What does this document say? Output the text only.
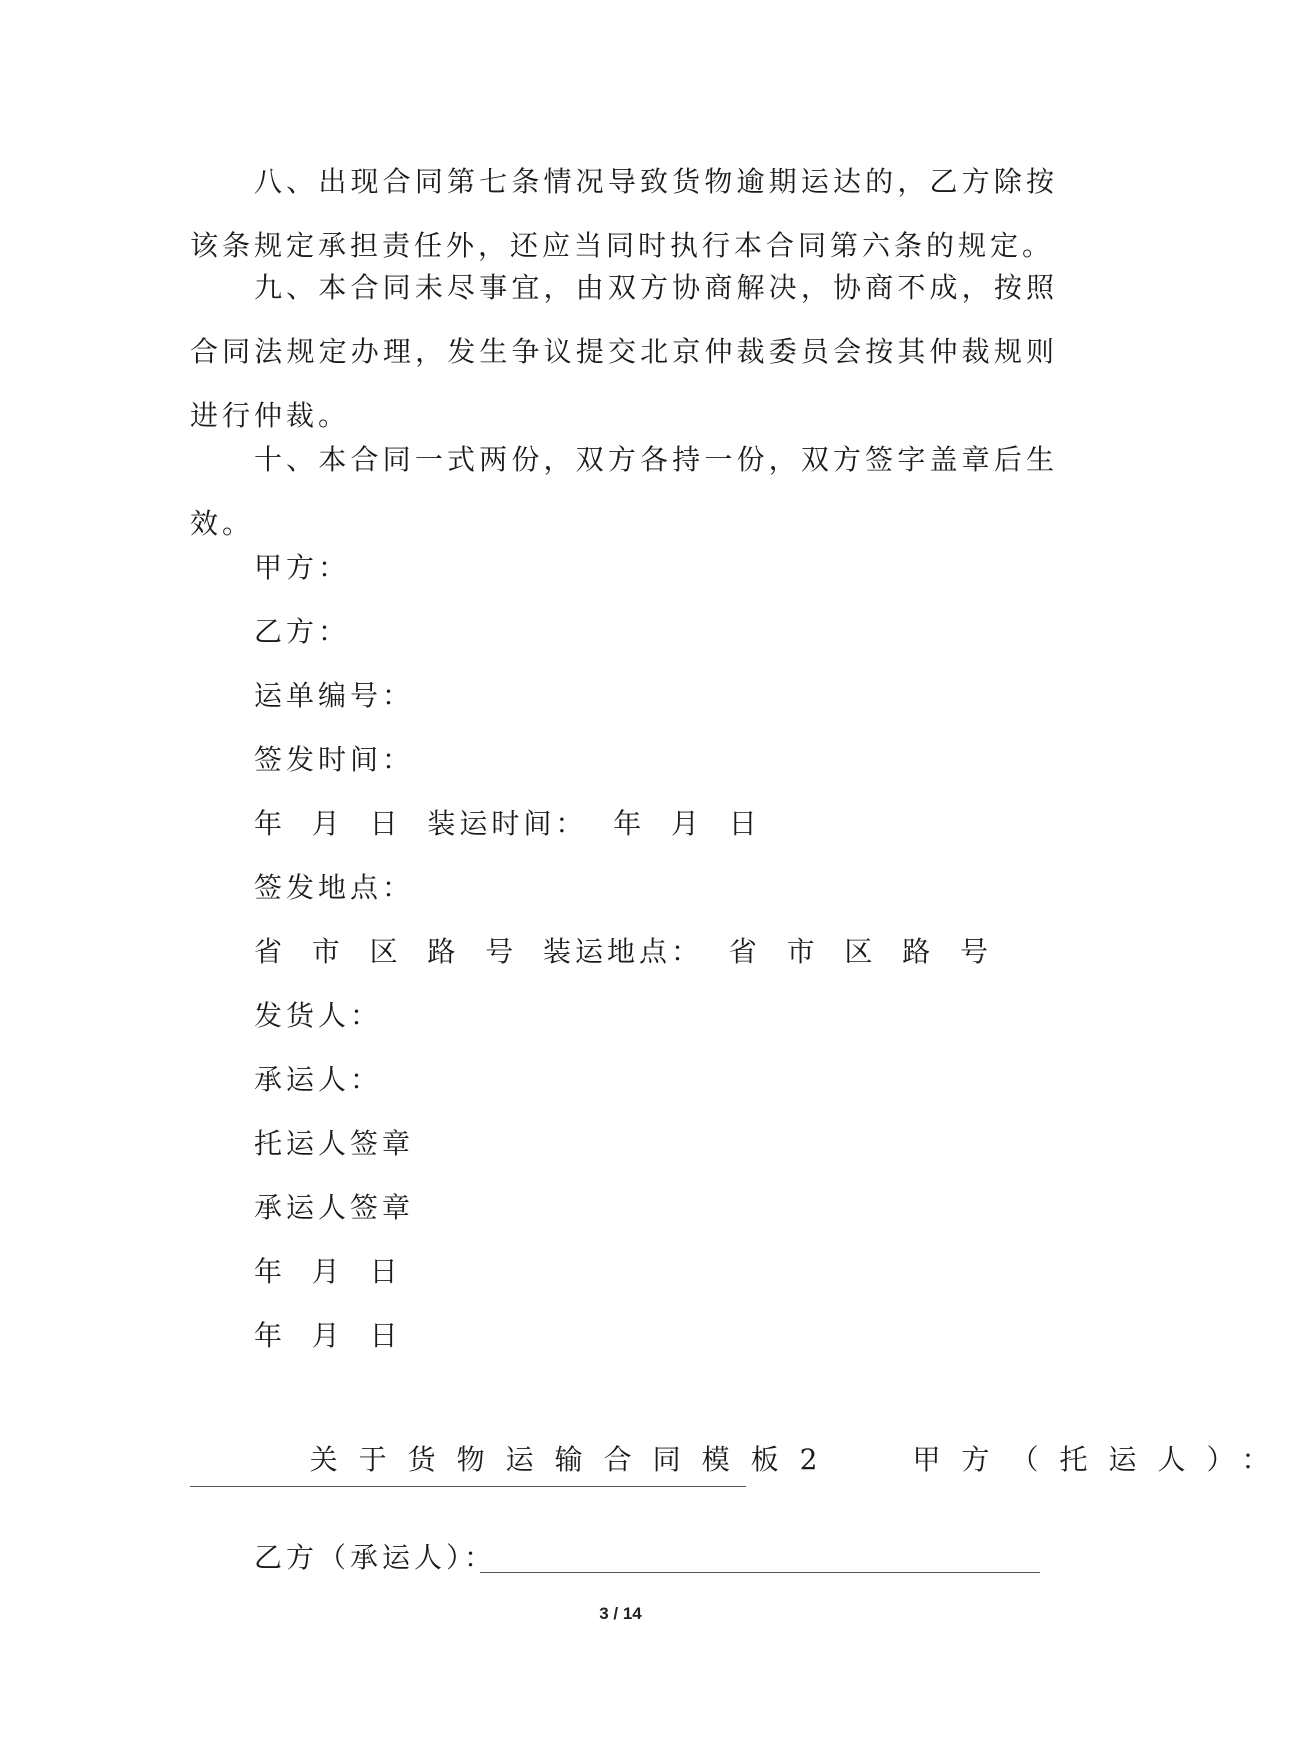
八、出现合同第七条情况导致货物逾期运达的，乙方除按该条规定承担责任外，还应当同时执行本合同第六条的规定。

九、本合同未尽事宜，由双方协商解决，协商不成，按照合同法规定办理，发生争议提交北京仲裁委员会按其仲裁规则进行仲裁。

十、本合同一式两份，双方各持一份，双方签字盖章后生效。

甲方：

乙方：

运单编号：

签发时间：

年  月  日  装运时间：  年  月  日

签发地点：

省  市  区  路  号  装运地点：  省  市  区  路  号

发货人：

承运人：

托运人签章

承运人签章

年  月  日

年  月  日

关于货物运输合同模板2	甲方（托运人）：

乙方（承运人）：
3 / 14
